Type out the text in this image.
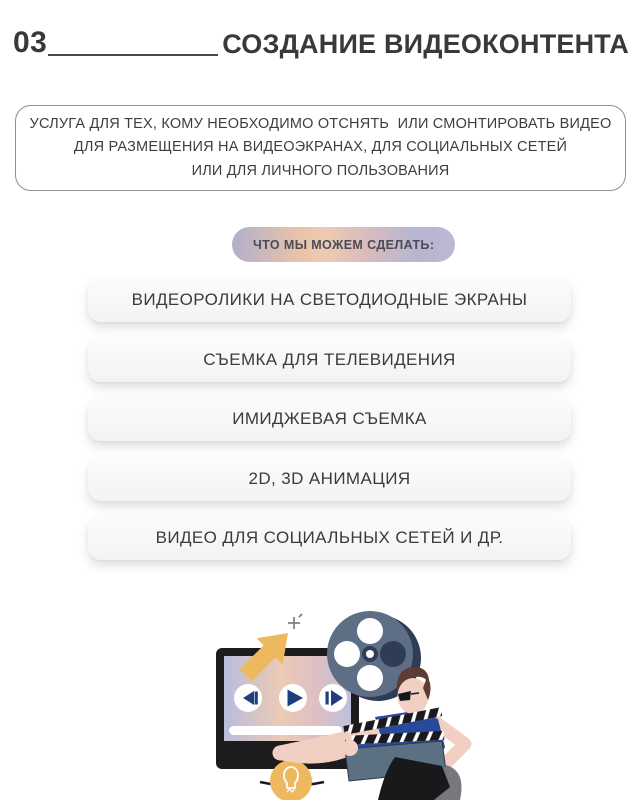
03	СОЗДАНИЕ ВИДЕОКОНТЕНТА
УСЛУГА ДЛЯ ТЕХ, КОМУ НЕОБХОДИМО ОТСНЯТЬ  ИЛИ СМОНТИРОВАТЬ ВИДЕО
ДЛЯ РАЗМЕЩЕНИЯ НА ВИДЕОЭКРАНАХ, ДЛЯ СОЦИАЛЬНЫХ СЕТЕЙ
ИЛИ ДЛЯ ЛИЧНОГО ПОЛЬЗОВАНИЯ
ЧТО МЫ МОЖЕМ СДЕЛАТЬ:
ВИДЕОРОЛИКИ НА СВЕТОДИОДНЫЕ ЭКРАНЫ
СЪЕМКА ДЛЯ ТЕЛЕВИДЕНИЯ
ИМИДЖЕВАЯ СЪЕМКА
2D, 3D АНИМАЦИЯ
ВИДЕО ДЛЯ СОЦИАЛЬНЫХ СЕТЕЙ И ДР.
